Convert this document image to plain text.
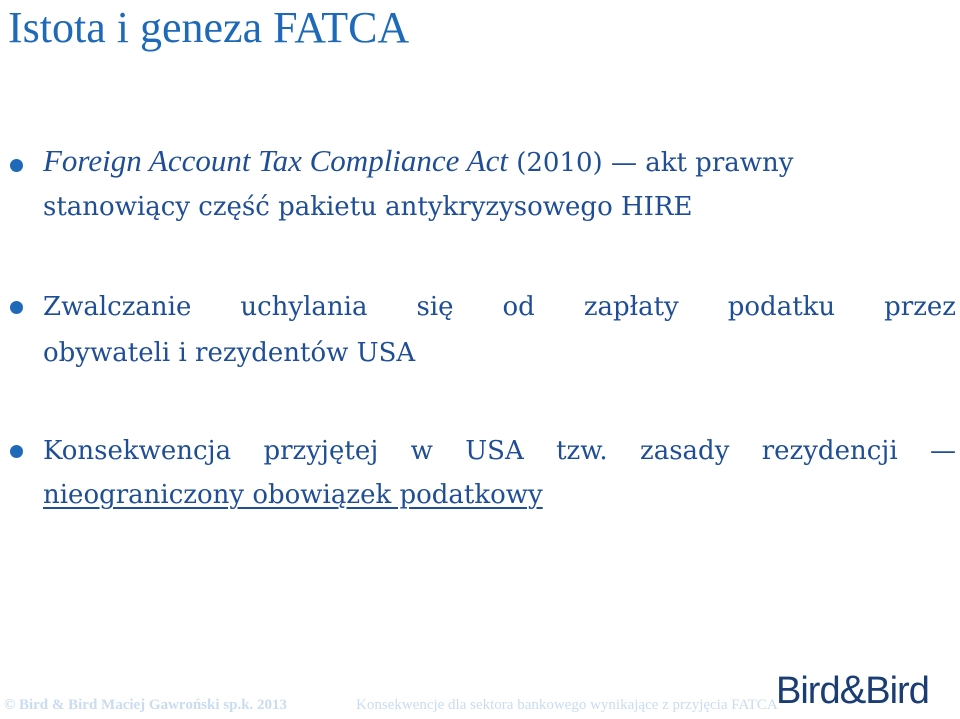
Istota i geneza FATCA
Foreign Account Tax Compliance Act (2010) — akt prawny
stanowiący część pakietu antykryzysowego HIRE
Zwalczanie uchylania się od zapłaty podatku przez
obywateli i rezydentów USA
Konsekwencja przyjętej w USA tzw. zasady rezydencji —
nieograniczony obowiązek podatkowy
© Bird & Bird Maciej Gawroński sp.k. 2013	Konsekwencje dla sektora bankowego wynikające z przyjęcia FATCA
Bird&Bird
